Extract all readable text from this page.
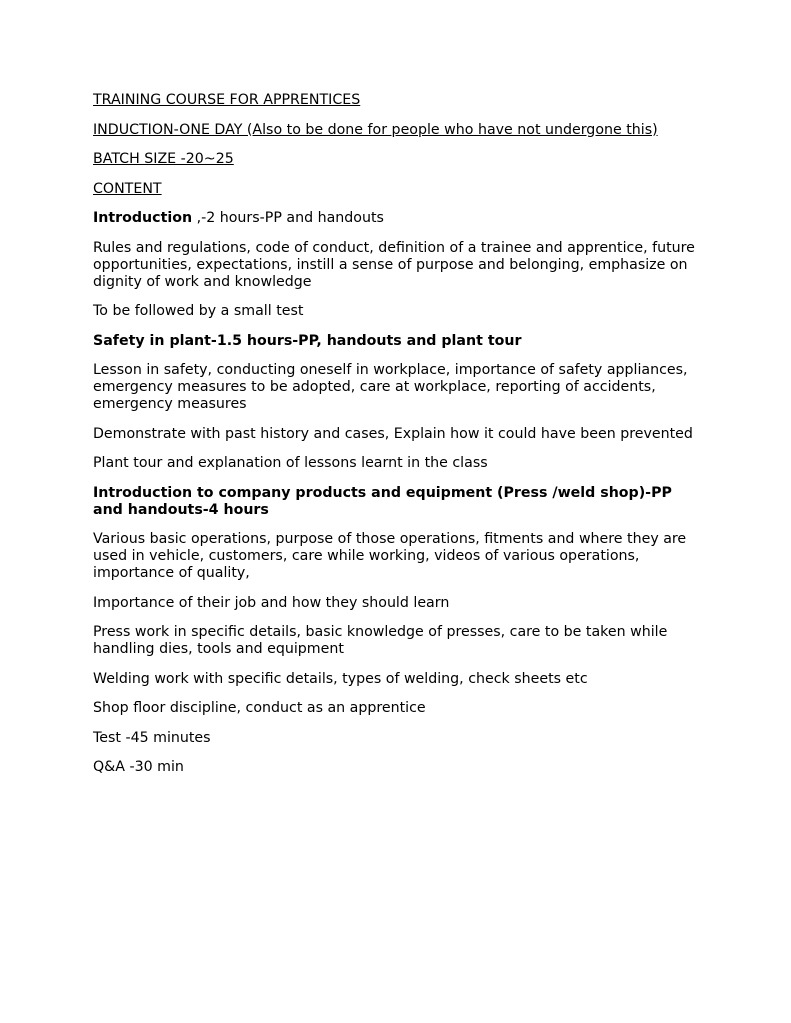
TRAINING COURSE FOR APPRENTICES

INDUCTION-ONE DAY (Also to be done for people who have not undergone this)

BATCH SIZE -20~25

CONTENT

Introduction ,-2 hours-PP and handouts

Rules and regulations, code of conduct, definition of a trainee and apprentice, future opportunities, expectations, instill a sense of purpose and belonging, emphasize on dignity of work and knowledge

To be followed by a small test

Safety in plant-1.5 hours-PP, handouts and plant tour

Lesson in safety, conducting oneself in workplace, importance of safety appliances, emergency measures to be adopted, care at workplace, reporting of accidents, emergency measures

Demonstrate with past history and cases, Explain how it could have been prevented

Plant tour and explanation of lessons learnt in the class

Introduction to company products and equipment (Press /weld shop)-PP and handouts-4 hours

Various basic operations, purpose of those operations, fitments and where they are used in vehicle, customers, care while working, videos of various operations, importance of quality,

Importance of their job and how they should learn

Press work in specific details, basic knowledge of presses, care to be taken while handling dies, tools and equipment

Welding work with specific details, types of welding, check sheets etc

Shop floor discipline, conduct as an apprentice

Test -45 minutes

Q&A -30 min
